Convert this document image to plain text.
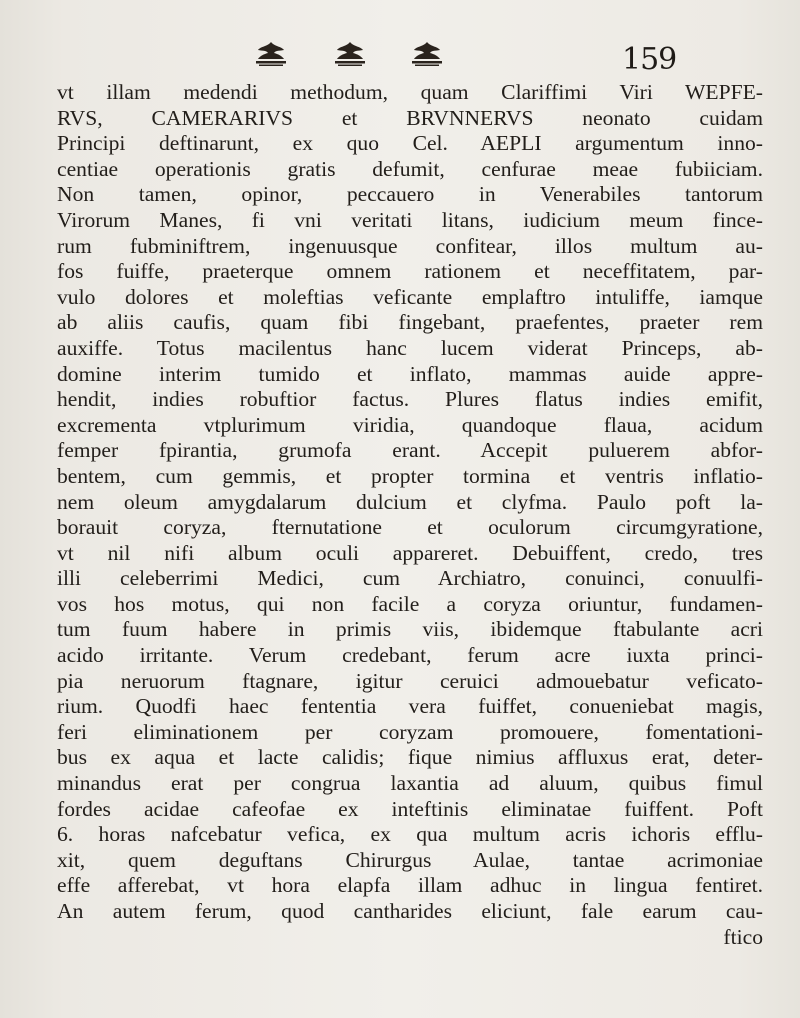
159
vt illam medendi methodum, quam Clariffimi Viri WEPFE-
RVS, CAMERARIVS et BRVNNERVS neonato cuidam
Principi deftinarunt, ex quo Cel. AEPLI argumentum inno-
centiae operationis gratis defumit, cenfurae meae fubiiciam.
Non tamen, opinor, peccauero in Venerabiles tantorum
Virorum Manes, fi vni veritati litans, iudicium meum fince-
rum fubminiftrem, ingenuusque confitear, illos multum au-
fos fuiffe, praeterque omnem rationem et neceffitatem, par-
vulo dolores et moleftias veficante emplaftro intuliffe, iamque
ab aliis caufis, quam fibi fingebant, praefentes, praeter rem
auxiffe. Totus macilentus hanc lucem viderat Princeps, ab-
domine interim tumido et inflato, mammas auide appre-
hendit, indies robuftior factus. Plures flatus indies emifit,
excrementa vtplurimum viridia, quandoque flaua, acidum
femper fpirantia, grumofa erant. Accepit puluerem abfor-
bentem, cum gemmis, et propter tormina et ventris inflatio-
nem oleum amygdalarum dulcium et clyfma. Paulo poft la-
borauit coryza, fternutatione et oculorum circumgyratione,
vt nil nifi album oculi appareret. Debuiffent, credo, tres
illi celeberrimi Medici, cum Archiatro, conuinci, conuulfi-
vos hos motus, qui non facile a coryza oriuntur, fundamen-
tum fuum habere in primis viis, ibidemque ftabulante acri
acido irritante. Verum credebant, ferum acre iuxta princi-
pia neruorum ftagnare, igitur ceruici admouebatur veficato-
rium. Quodfi haec fententia vera fuiffet, conueniebat magis,
feri eliminationem per coryzam promouere, fomentationi-
bus ex aqua et lacte calidis; fique nimius affluxus erat, deter-
minandus erat per congrua laxantia ad aluum, quibus fimul
fordes acidae cafeofae ex inteftinis eliminatae fuiffent. Poft
6. horas nafcebatur vefica, ex qua multum acris ichoris efflu-
xit, quem deguftans Chirurgus Aulae, tantae acrimoniae
effe afferebat, vt hora elapfa illam adhuc in lingua fentiret.
An autem ferum, quod cantharides eliciunt, fale earum cau-
ftico
